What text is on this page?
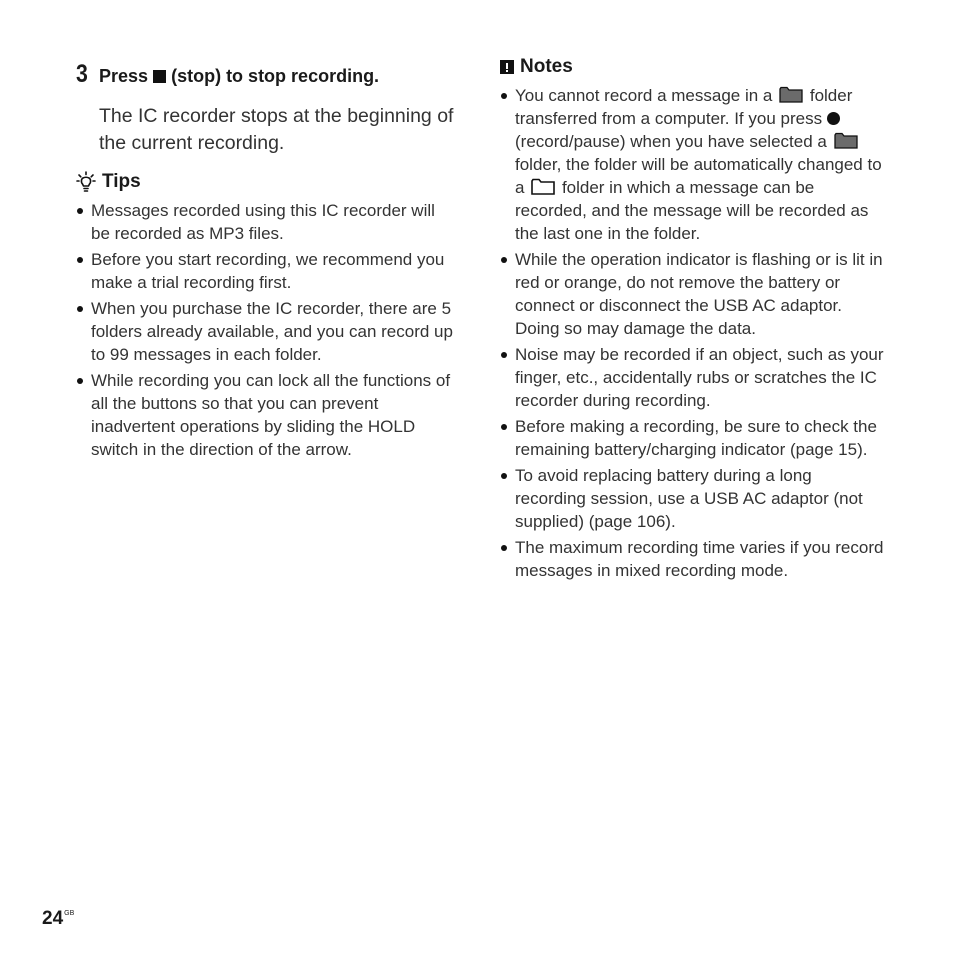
3 Press (stop) to stop recording.
The IC recorder stops at the beginning of the current recording.
Tips
Messages recorded using this IC recorder will be recorded as MP3 files.
Before you start recording, we recommend you make a trial recording first.
When you purchase the IC recorder, there are 5 folders already available, and you can record up to 99 messages in each folder.
While recording you can lock all the functions of all the buttons so that you can prevent inadvertent operations by sliding the HOLD switch in the direction of the arrow.
Notes
You cannot record a message in a folder transferred from a computer. If you press  (record/pause) when you have selected a  folder, the folder will be automatically changed to a folder in which a message can be recorded, and the message will be recorded as the last one in the folder.
While the operation indicator is flashing or is lit in red or orange, do not remove the battery or connect or disconnect the USB AC adaptor. Doing so may damage the data.
Noise may be recorded if an object, such as your finger, etc., accidentally rubs or scratches the IC recorder during recording.
Before making a recording, be sure to check the remaining battery/charging indicator (page 15).
To avoid replacing battery during a long recording session, use a USB AC adaptor (not supplied) (page 106).
The maximum recording time varies if you record messages in mixed recording mode.
$24^{GB}$
